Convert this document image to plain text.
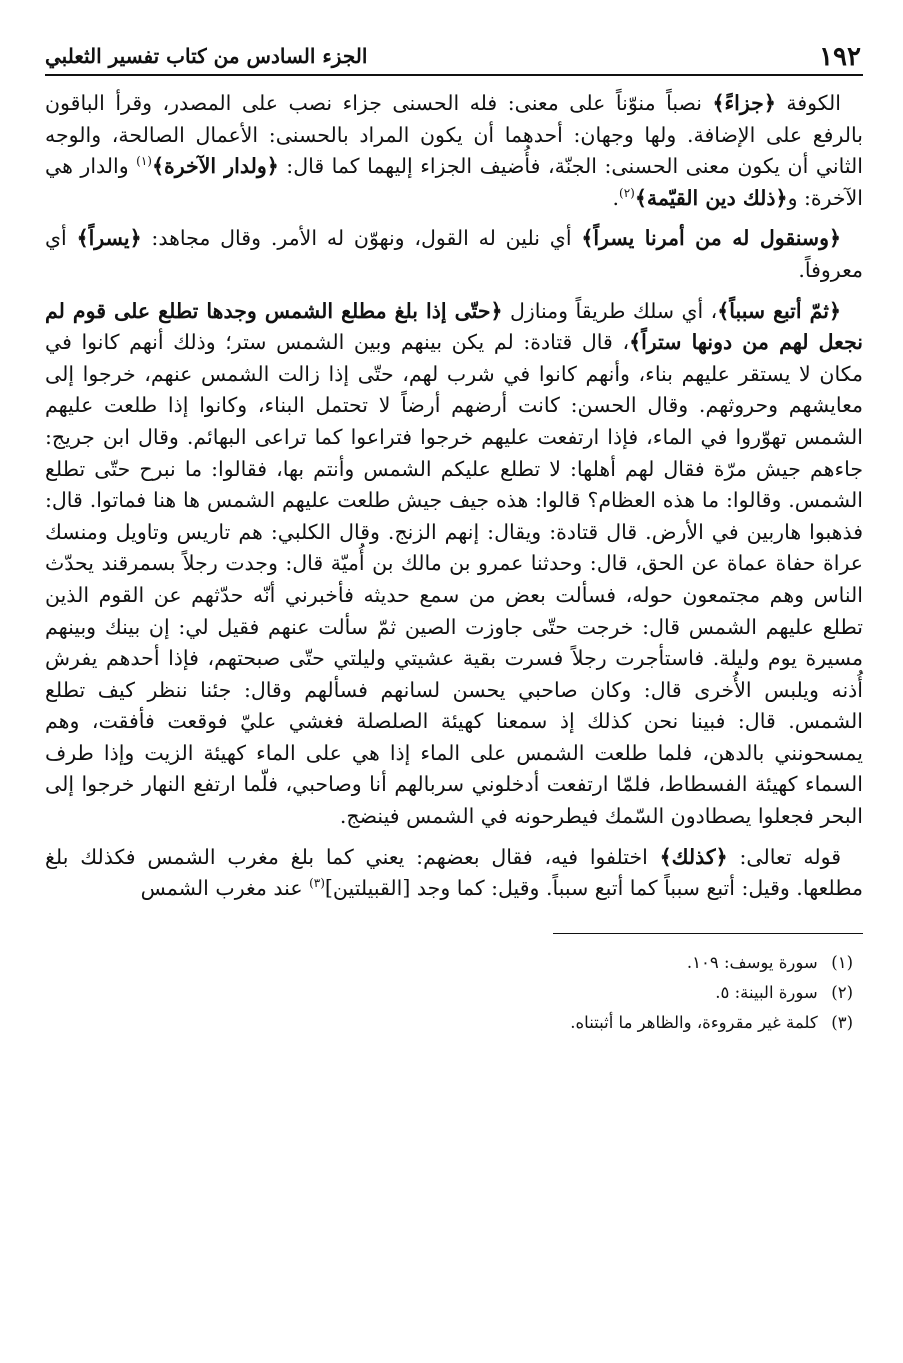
١٩٢
الجزء السادس من كتاب تفسير الثعلبي

الكوفة ﴿جزاءً﴾ نصباً منوّناً على معنى: فله الحسنى جزاء نصب على المصدر، وقرأ الباقون بالرفع على الإضافة. ولها وجهان: أحدهما أن يكون المراد بالحسنى: الأعمال الصالحة، والوجه الثاني أن يكون معنى الحسنى: الجنّة، فأُضيف الجزاء إليهما كما قال: ﴿ولدار الآخرة﴾$^{(١)}$ والدار هي الآخرة: و﴿ذلك دين القيّمة﴾$^{(٢)}$.

﴿وسنقول له من أمرنا يسراً﴾ أي نلين له القول، ونهوّن له الأمر. وقال مجاهد: ﴿يسراً﴾ أي معروفاً.

﴿ثمّ أتبع سبباً﴾، أي سلك طريقاً ومنازل ﴿حتّى إذا بلغ مطلع الشمس وجدها تطلع على قوم لم نجعل لهم من دونها ستراً﴾، قال قتادة: لم يكن بينهم وبين الشمس ستر؛ وذلك أنهم كانوا في مكان لا يستقر عليهم بناء، وأنهم كانوا في شرب لهم، حتّى إذا زالت الشمس عنهم، خرجوا إلى معايشهم وحروثهم. وقال الحسن: كانت أرضهم أرضاً لا تحتمل البناء، وكانوا إذا طلعت عليهم الشمس تهوّروا في الماء، فإذا ارتفعت عليهم خرجوا فتراعوا كما تراعى البهائم. وقال ابن جريج: جاءهم جيش مرّة فقال لهم أهلها: لا تطلع عليكم الشمس وأنتم بها، فقالوا: ما نبرح حتّى تطلع الشمس. وقالوا: ما هذه العظام؟ قالوا: هذه جيف جيش طلعت عليهم الشمس ها هنا فماتوا. قال: فذهبوا هاربين في الأرض. قال قتادة: ويقال: إنهم الزنج. وقال الكلبي: هم تاريس وتاويل ومنسك عراة حفاة عماة عن الحق، قال: وحدثنا عمرو بن مالك بن أُميّة قال: وجدت رجلاً بسمرقند يحدّث الناس وهم مجتمعون حوله، فسألت بعض من سمع حديثه فأخبرني أنّه حدّثهم عن القوم الذين تطلع عليهم الشمس قال: خرجت حتّى جاوزت الصين ثمّ سألت عنهم فقيل لي: إن بينك وبينهم مسيرة يوم وليلة. فاستأجرت رجلاً فسرت بقية عشيتي وليلتي حتّى صبحتهم، فإذا أحدهم يفرش أُذنه ويلبس الأُخرى قال: وكان صاحبي يحسن لسانهم فسألهم وقال: جئنا ننظر كيف تطلع الشمس. قال: فبينا نحن كذلك إذ سمعنا كهيئة الصلصلة فغشي عليّ فوقعت فأفقت، وهم يمسحونني بالدهن، فلما طلعت الشمس على الماء إذا هي على الماء كهيئة الزيت وإذا طرف السماء كهيئة الفسطاط، فلمّا ارتفعت أدخلوني سربالهم أنا وصاحبي، فلّما ارتفع النهار خرجوا إلى البحر فجعلوا يصطادون السّمك فيطرحونه في الشمس فينضج.

قوله تعالى: ﴿كذلك﴾ اختلفوا فيه، فقال بعضهم: يعني كما بلغ مغرب الشمس فكذلك بلغ مطلعها. وقيل: أتبع سبباً كما أتبع سبباً. وقيل: كما وجد [القبيلتين]$^{(٣)}$ عند مغرب الشمس

(١) سورة يوسف: ١٠٩.
(٢) سورة البينة: ٥.
(٣) كلمة غير مقروءة، والظاهر ما أثبتناه.
